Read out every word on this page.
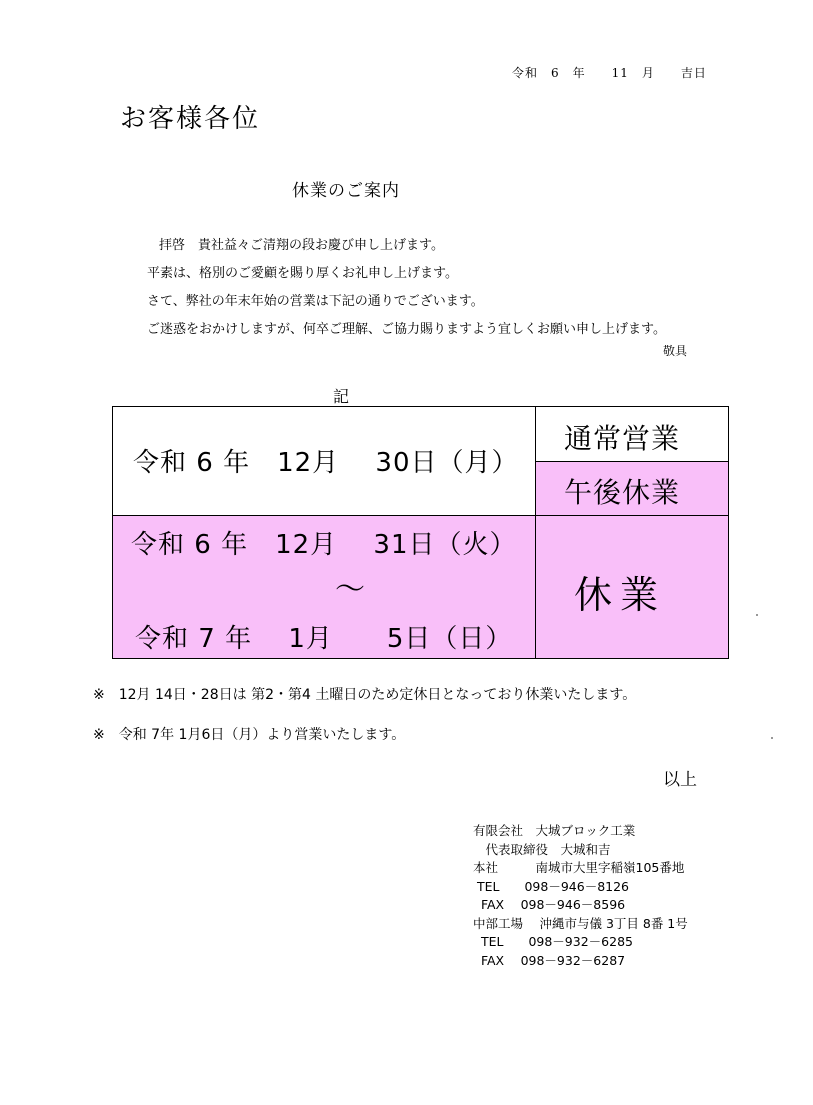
令和　6　年　　11　月　　吉日
お客様各位
休業のご案内
拝啓　貴社益々ご清翔の段お慶び申し上げます。
平素は、格別のご愛顧を賜り厚くお礼申し上げます。
さて、弊社の年末年始の営業は下記の通りでございます。
ご迷惑をおかけしますが、何卒ご理解、ご協力賜りますよう宜しくお願い申し上げます。
敬具
記
令和 6 年　12月　 30日（月）
通常営業
午後休業
令和 6 年　12月　 31日（火）
〜
令和 7 年　 1月　　5日（日）
休業
※　12月 14日・28日は 第2・第4 土曜日のため定休日となっており休業いたします。
※　令和 7年 1月6日（月）より営業いたします。
以上
有限会社　大城ブロック工業
　代表取締役　大城和吉
本社　　　南城市大里字稲嶺105番地
TEL　　098－946－8126
FAX　 098－946－8596
中部工場　 沖縄市与儀 3丁目 8番 1号
TEL　　098－932－6285
FAX　 098－932－6287
